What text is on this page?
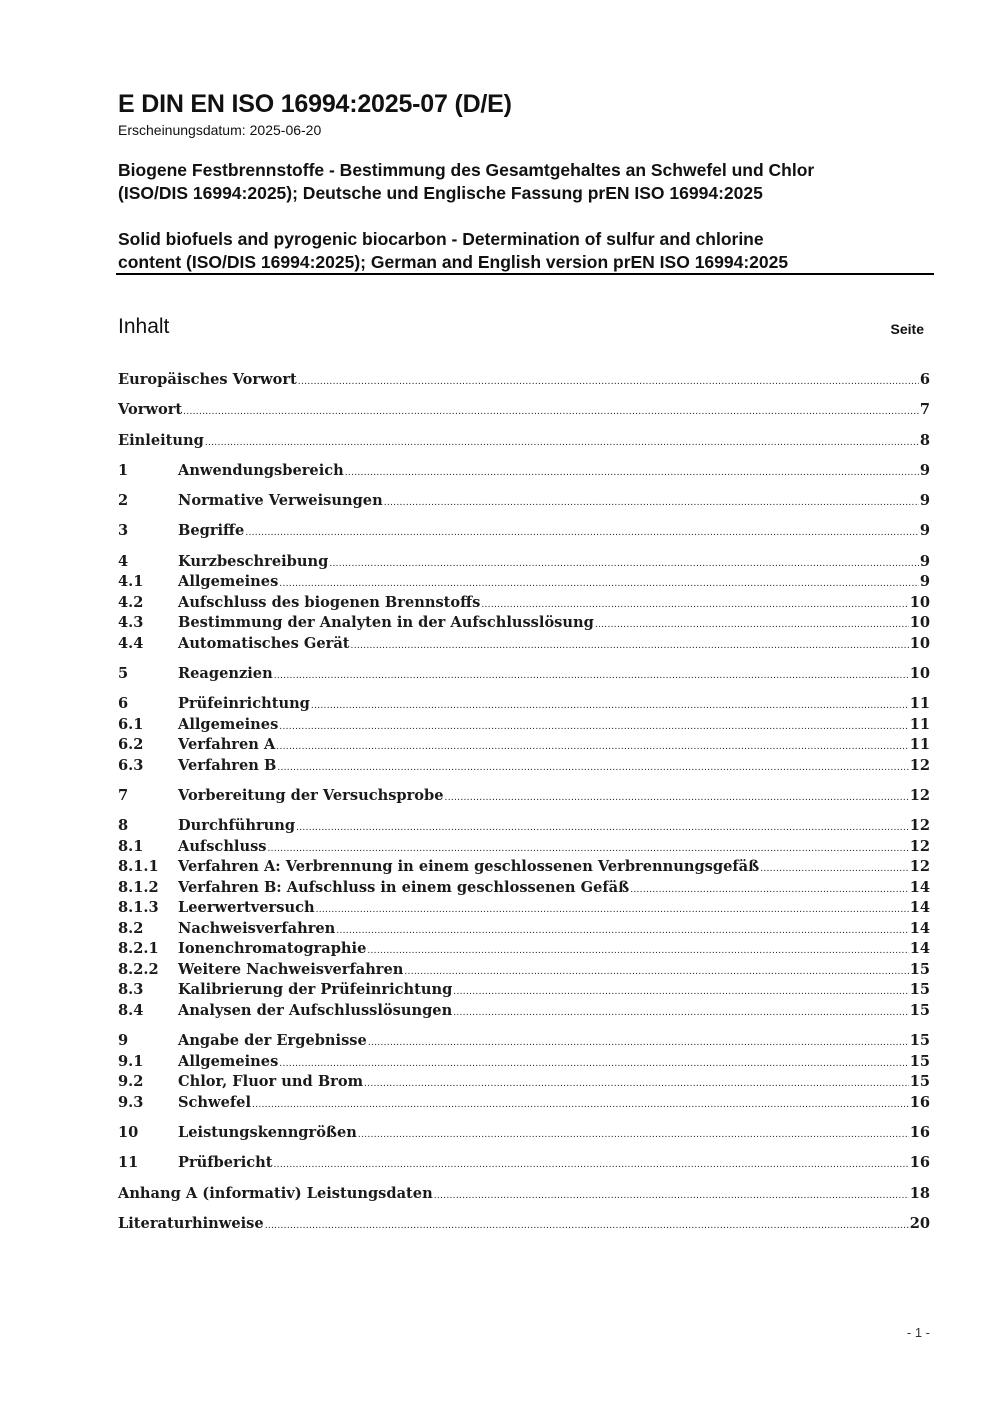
E DIN EN ISO 16994:2025-07 (D/E)
Erscheinungsdatum: 2025-06-20
Biogene Festbrennstoffe - Bestimmung des Gesamtgehaltes an Schwefel und Chlor
(ISO/DIS 16994:2025); Deutsche und Englische Fassung prEN ISO 16994:2025
Solid biofuels and pyrogenic biocarbon - Determination of sulfur and chlorine
content (ISO/DIS 16994:2025); German and English version prEN ISO 16994:2025
Inhalt	Seite
Europäisches Vorwort .....	6
Vorwort .....	7
Einleitung .....	8
1	Anwendungsbereich .....	9
2	Normative Verweisungen .....	9
3	Begriffe .....	9
4	Kurzbeschreibung .....	9
4.1	Allgemeines .....	9
4.2	Aufschluss des biogenen Brennstoffs .....	10
4.3	Bestimmung der Analyten in der Aufschlusslösung .....	10
4.4	Automatisches Gerät .....	10
5	Reagenzien .....	10
6	Prüfeinrichtung .....	11
6.1	Allgemeines .....	11
6.2	Verfahren A .....	11
6.3	Verfahren B .....	12
7	Vorbereitung der Versuchsprobe .....	12
8	Durchführung .....	12
8.1	Aufschluss .....	12
8.1.1	Verfahren A: Verbrennung in einem geschlossenen Verbrennungsgefäß .....	12
8.1.2	Verfahren B: Aufschluss in einem geschlossenen Gefäß .....	14
8.1.3	Leerwertversuch .....	14
8.2	Nachweisverfahren .....	14
8.2.1	Ionenchromatographie .....	14
8.2.2	Weitere Nachweisverfahren .....	15
8.3	Kalibrierung der Prüfeinrichtung .....	15
8.4	Analysen der Aufschlusslösungen .....	15
9	Angabe der Ergebnisse .....	15
9.1	Allgemeines .....	15
9.2	Chlor, Fluor und Brom .....	15
9.3	Schwefel .....	16
10	Leistungskenngrößen .....	16
11	Prüfbericht .....	16
Anhang A (informativ) Leistungsdaten .....	18
Literaturhinweise .....	20
- 1 -
